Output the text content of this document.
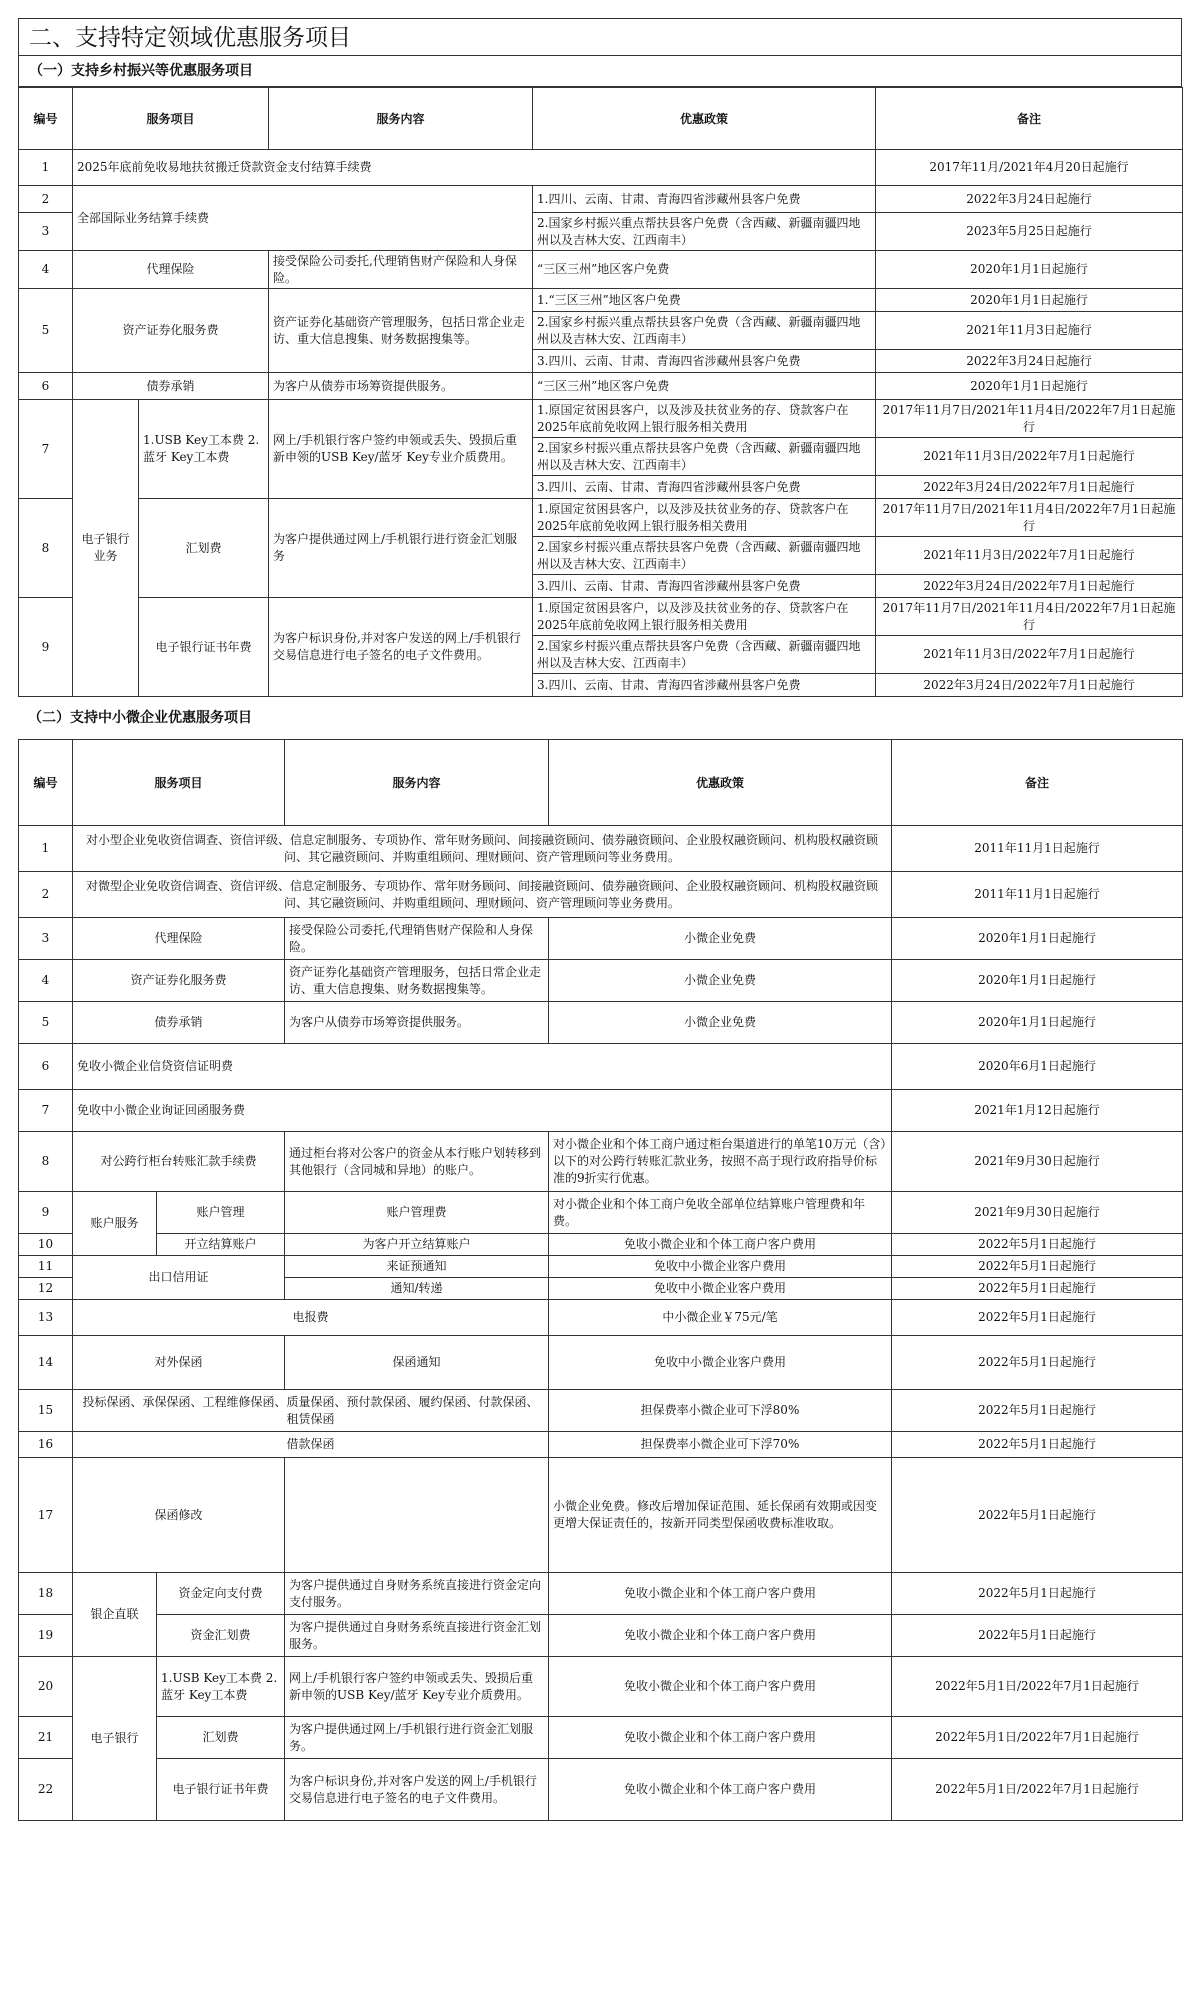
二、支持特定领域优惠服务项目
（一）支持乡村振兴等优惠服务项目
编号	服务项目		服务内容	优惠政策	备注
1	2025年底前免收易地扶贫搬迁贷款资金支付结算手续费				2017年11月/2021年4月20日起施行
2	全部国际业务结算手续费			1.四川、云南、甘肃、青海四省涉藏州县客户免费	2022年3月24日起施行
3				2.国家乡村振兴重点帮扶县客户免费（含西藏、新疆南疆四地州以及吉林大安、江西南丰）	2023年5月25日起施行
4	代理保险		接受保险公司委托,代理销售财产保险和人身保险。	“三区三州”地区客户免费	2020年1月1日起施行
5	资产证券化服务费		资产证券化基础资产管理服务，包括日常企业走访、重大信息搜集、财务数据搜集等。	1.“三区三州”地区客户免费	2020年1月1日起施行
				2.国家乡村振兴重点帮扶县客户免费（含西藏、新疆南疆四地州以及吉林大安、江西南丰）	2021年11月3日起施行
				3.四川、云南、甘肃、青海四省涉藏州县客户免费	2022年3月24日起施行
6	债券承销		为客户从债券市场筹资提供服务。	“三区三州”地区客户免费	2020年1月1日起施行
7	电子银行业务	1.USB Key工本费 2.蓝牙 Key工本费	网上/手机银行客户签约申领或丢失、毁损后重新申领的USB Key/蓝牙 Key专业介质费用。	1.原国定贫困县客户，以及涉及扶贫业务的存、贷款客户在2025年底前免收网上银行服务相关费用	2017年11月7日/2021年11月4日/2022年7月1日起施行
				2.国家乡村振兴重点帮扶县客户免费（含西藏、新疆南疆四地州以及吉林大安、江西南丰）	2021年11月3日/2022年7月1日起施行
				3.四川、云南、甘肃、青海四省涉藏州县客户免费	2022年3月24日/2022年7月1日起施行
8		汇划费	为客户提供通过网上/手机银行进行资金汇划服务	1.原国定贫困县客户，以及涉及扶贫业务的存、贷款客户在2025年底前免收网上银行服务相关费用	2017年11月7日/2021年11月4日/2022年7月1日起施行
				2.国家乡村振兴重点帮扶县客户免费（含西藏、新疆南疆四地州以及吉林大安、江西南丰）	2021年11月3日/2022年7月1日起施行
				3.四川、云南、甘肃、青海四省涉藏州县客户免费	2022年3月24日/2022年7月1日起施行
9		电子银行证书年费	为客户标识身份,并对客户发送的网上/手机银行交易信息进行电子签名的电子文件费用。	1.原国定贫困县客户，以及涉及扶贫业务的存、贷款客户在2025年底前免收网上银行服务相关费用	2017年11月7日/2021年11月4日/2022年7月1日起施行
				2.国家乡村振兴重点帮扶县客户免费（含西藏、新疆南疆四地州以及吉林大安、江西南丰）	2021年11月3日/2022年7月1日起施行
				3.四川、云南、甘肃、青海四省涉藏州县客户免费	2022年3月24日/2022年7月1日起施行
（二）支持中小微企业优惠服务项目
编号	服务项目		服务内容	优惠政策	备注
1	对小型企业免收资信调查、资信评级、信息定制服务、专项协作、常年财务顾问、间接融资顾问、债券融资顾问、企业股权融资顾问、机构股权融资顾问、其它融资顾问、并购重组顾问、理财顾问、资产管理顾问等业务费用。				2011年11月1日起施行
2	对微型企业免收资信调查、资信评级、信息定制服务、专项协作、常年财务顾问、间接融资顾问、债券融资顾问、企业股权融资顾问、机构股权融资顾问、其它融资顾问、并购重组顾问、理财顾问、资产管理顾问等业务费用。				2011年11月1日起施行
3	代理保险		接受保险公司委托,代理销售财产保险和人身保险。	小微企业免费	2020年1月1日起施行
4	资产证券化服务费		资产证券化基础资产管理服务，包括日常企业走访、重大信息搜集、财务数据搜集等。	小微企业免费	2020年1月1日起施行
5	债券承销		为客户从债券市场筹资提供服务。	小微企业免费	2020年1月1日起施行
6	免收小微企业信贷资信证明费				2020年6月1日起施行
7	免收中小微企业询证回函服务费				2021年1月12日起施行
8	对公跨行柜台转账汇款手续费		通过柜台将对公客户的资金从本行账户划转移到其他银行（含同城和异地）的账户。	对小微企业和个体工商户通过柜台渠道进行的单笔10万元（含）以下的对公跨行转账汇款业务，按照不高于现行政府指导价标准的9折实行优惠。	2021年9月30日起施行
9	账户服务	账户管理	账户管理费	对小微企业和个体工商户免收全部单位结算账户管理费和年费。	2021年9月30日起施行
10		开立结算账户	为客户开立结算账户	免收小微企业和个体工商户客户费用	2022年5月1日起施行
11	出口信用证		来证预通知	免收中小微企业客户费用	2022年5月1日起施行
12			通知/转递	免收中小微企业客户费用	2022年5月1日起施行
13	电报费			中小微企业￥75元/笔	2022年5月1日起施行
14	对外保函		保函通知	免收中小微企业客户费用	2022年5月1日起施行
15	投标保函、承保保函、工程维修保函、质量保函、预付款保函、履约保函、付款保函、租赁保函			担保费率小微企业可下浮80%	2022年5月1日起施行
16	借款保函			担保费率小微企业可下浮70%	2022年5月1日起施行
17	保函修改			小微企业免费。修改后增加保证范围、延长保函有效期或因变更增大保证责任的，按新开同类型保函收费标准收取。	2022年5月1日起施行
18	银企直联	资金定向支付费	为客户提供通过自身财务系统直接进行资金定向支付服务。	免收小微企业和个体工商户客户费用	2022年5月1日起施行
19		资金汇划费	为客户提供通过自身财务系统直接进行资金汇划服务。	免收小微企业和个体工商户客户费用	2022年5月1日起施行
20	电子银行	1.USB Key工本费 2.蓝牙 Key工本费	网上/手机银行客户签约申领或丢失、毁损后重新申领的USB Key/蓝牙 Key专业介质费用。	免收小微企业和个体工商户客户费用	2022年5月1日/2022年7月1日起施行
21		汇划费	为客户提供通过网上/手机银行进行资金汇划服务。	免收小微企业和个体工商户客户费用	2022年5月1日/2022年7月1日起施行
22		电子银行证书年费	为客户标识身份,并对客户发送的网上/手机银行交易信息进行电子签名的电子文件费用。	免收小微企业和个体工商户客户费用	2022年5月1日/2022年7月1日起施行
